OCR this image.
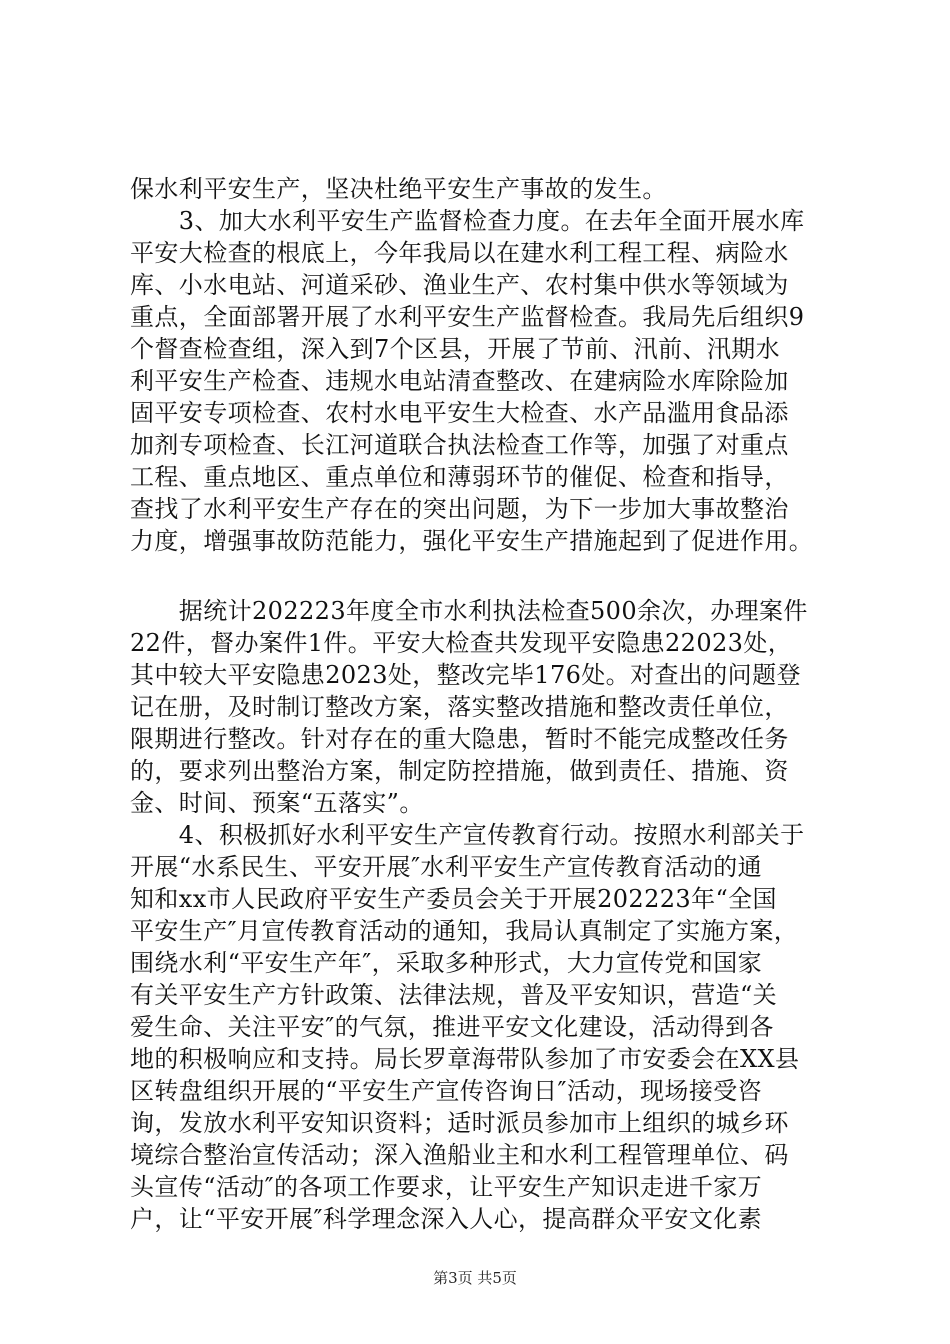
保水利平安生产，坚决杜绝平安生产事故的发生。
　　3、加大水利平安生产监督检查力度。在去年全面开展水库
平安大检查的根底上，今年我局以在建水利工程工程、病险水
库、小水电站、河道采砂、渔业生产、农村集中供水等领域为
重点，全面部署开展了水利平安生产监督检查。我局先后组织9
个督查检查组，深入到7个区县，开展了节前、汛前、汛期水
利平安生产检查、违规水电站清查整改、在建病险水库除险加
固平安专项检查、农村水电平安生大检查、水产品滥用食品添
加剂专项检查、长江河道联合执法检查工作等，加强了对重点
工程、重点地区、重点单位和薄弱环节的催促、检查和指导，
查找了水利平安生产存在的突出问题，为下一步加大事故整治
力度，增强事故防范能力，强化平安生产措施起到了促进作用。
　　据统计202223年度全市水利执法检查500余次，办理案件
22件，督办案件1件。平安大检查共发现平安隐患22023处，
其中较大平安隐患2023处，整改完毕176处。对查出的问题登
记在册，及时制订整改方案，落实整改措施和整改责任单位，
限期进行整改。针对存在的重大隐患，暂时不能完成整改任务
的，要求列出整治方案，制定防控措施，做到责任、措施、资
金、时间、预案“五落实”。
　　4、积极抓好水利平安生产宣传教育行动。按照水利部关于
开展“水系民生、平安开展″水利平安生产宣传教育活动的通
知和xx市人民政府平安生产委员会关于开展202223年“全国
平安生产″月宣传教育活动的通知，我局认真制定了实施方案，
围绕水利“平安生产年″，采取多种形式，大力宣传党和国家
有关平安生产方针政策、法律法规，普及平安知识，营造“关
爱生命、关注平安″的气氛，推进平安文化建设，活动得到各
地的积极响应和支持。局长罗章海带队参加了市安委会在XX县
区转盘组织开展的“平安生产宣传咨询日″活动，现场接受咨
询，发放水利平安知识资料；适时派员参加市上组织的城乡环
境综合整治宣传活动；深入渔船业主和水利工程管理单位、码
头宣传“活动″的各项工作要求，让平安生产知识走进千家万
户，让“平安开展″科学理念深入人心，提高群众平安文化素
第3页 共5页
